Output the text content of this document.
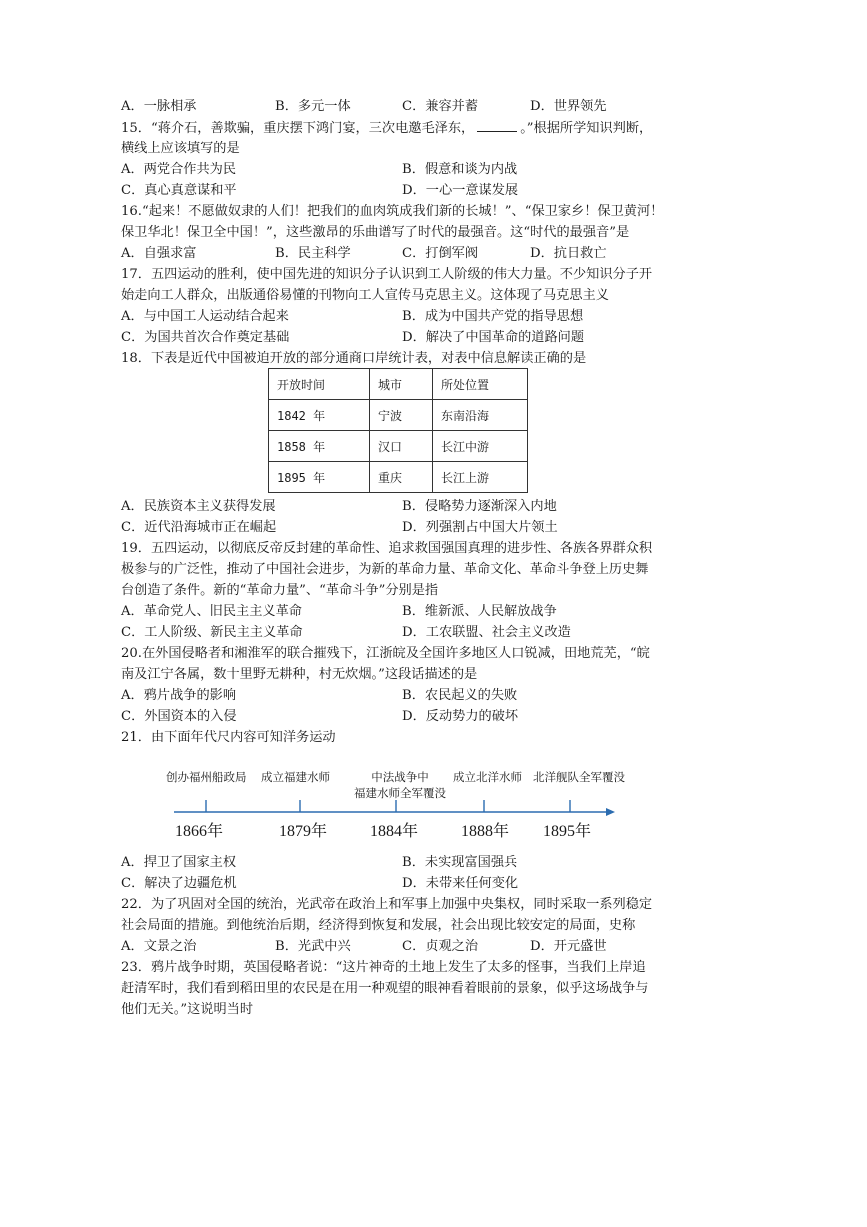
A．一脉相承	B．多元一体	C．兼容并蓄	D．世界领先
15．“蒋介石，善欺骗，重庆摆下鸿门宴，三次电邀毛泽东，	。”根据所学知识判断，
横线上应该填写的是
A．两党合作共为民	B．假意和谈为内战
C．真心真意谋和平	D．一心一意谋发展
16.“起来！不愿做奴隶的人们！把我们的血肉筑成我们新的长城！”、“保卫家乡！保卫黄河！
保卫华北！保卫全中国！”，这些激昂的乐曲谱写了时代的最强音。这“时代的最强音”是
A．自强求富	B．民主科学	C．打倒军阀	D．抗日救亡
17．五四运动的胜利，使中国先进的知识分子认识到工人阶级的伟大力量。不少知识分子开
始走向工人群众，出版通俗易懂的刊物向工人宣传马克思主义。这体现了马克思主义
A．与中国工人运动结合起来	B．成为中国共产党的指导思想
C．为国共首次合作奠定基础	D．解决了中国革命的道路问题
18．下表是近代中国被迫开放的部分通商口岸统计表，对表中信息解读正确的是
开放时间	城市	所处位置
1842 年	宁波	东南沿海
1858 年	汉口	长江中游
1895 年	重庆	长江上游
A．民族资本主义获得发展	B．侵略势力逐渐深入内地
C．近代沿海城市正在崛起	D．列强割占中国大片领土
19．五四运动，以彻底反帝反封建的革命性、追求救国强国真理的进步性、各族各界群众积
极参与的广泛性，推动了中国社会进步，为新的革命力量、革命文化、革命斗争登上历史舞
台创造了条件。新的“革命力量”、“革命斗争”分别是指
A．革命党人、旧民主主义革命	B．维新派、人民解放战争
C．工人阶级、新民主主义革命	D．工农联盟、社会主义改造
20.在外国侵略者和湘淮军的联合摧残下，江浙皖及全国许多地区人口锐减，田地荒芜，“皖
南及江宁各属，数十里野无耕种，村无炊烟。”这段话描述的是
A．鸦片战争的影响	B．农民起义的失败
C．外国资本的入侵	D．反动势力的破坏
21．由下面年代尺内容可知洋务运动
创办福州船政局 成立福建水师	中法战争中
福建水师全军覆没
成立北洋水师 北洋舰队全军覆没
1866年	1879年	1884年	1888年 1895年
A．捍卫了国家主权	B．未实现富国强兵
C．解决了边疆危机	D．未带来任何变化
22．为了巩固对全国的统治，光武帝在政治上和军事上加强中央集权，同时采取一系列稳定
社会局面的措施。到他统治后期，经济得到恢复和发展，社会出现比较安定的局面，史称
A．文景之治	B．光武中兴	C．贞观之治	D．开元盛世
23．鸦片战争时期，英国侵略者说：“这片神奇的土地上发生了太多的怪事，当我们上岸追
赶清军时，我们看到稻田里的农民是在用一种观望的眼神看着眼前的景象，似乎这场战争与
他们无关。”这说明当时
